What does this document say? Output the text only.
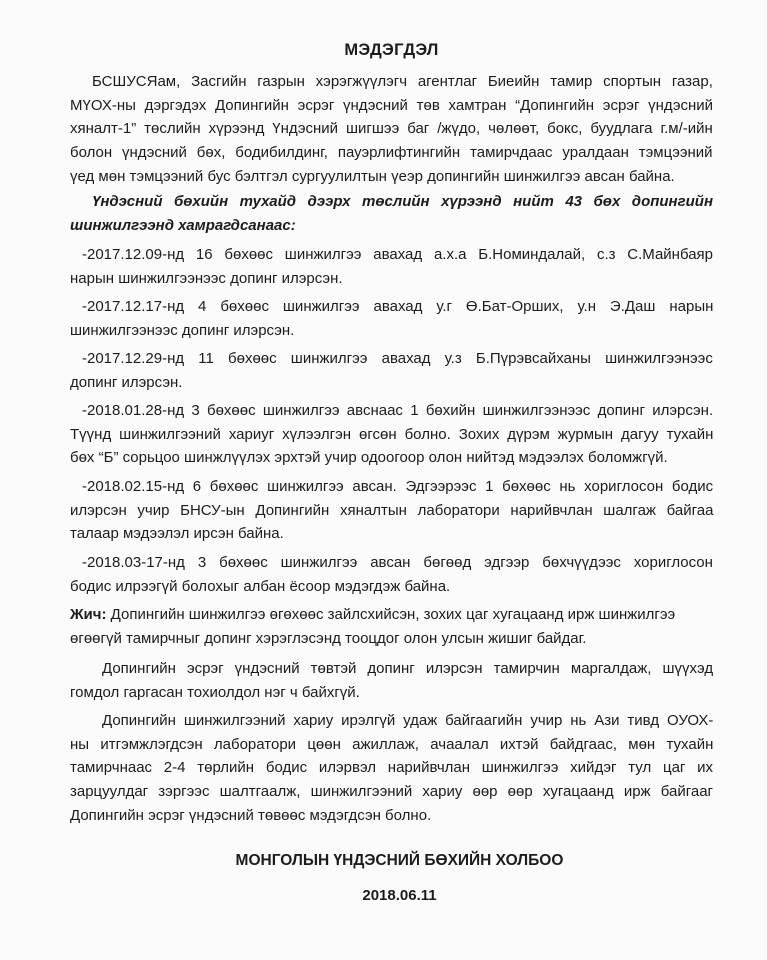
МЭДЭГДЭЛ
БСШУСЯам, Засгийн газрын хэрэгжүүлэгч агентлаг Биеийн тамир спортын газар,
МҮОХ-ны дэргэдэх Допингийн эсрэг үндэсний төв хамтран “Допингийн эсрэг үндэсний
хяналт-1” төслийн хүрээнд Үндэсний шигшээ баг /жүдо, чөлөөт, бокс, буудлага г.м/-ийн
болон үндэсний бөх, бодибилдинг, пауэрлифтингийн тамирчдаас уралдаан тэмцээний
үед мөн тэмцээний бус бэлтгэл сургуулилтын үеэр допингийн шинжилгээ авсан байна.
Үндэсний бөхийн тухайд дээрх төслийн хүрээнд нийт 43 бөх допингийн
шинжилгээнд хамрагдсанаас:
-2017.12.09-нд 16 бөхөөс шинжилгээ авахад а.х.а Б.Номиндалай, с.з С.Майнбаяр
нарын шинжилгээнээс допинг илэрсэн.
-2017.12.17-нд 4 бөхөөс шинжилгээ авахад у.г Ө.Бат-Орших, у.н Э.Даш нарын
шинжилгээнээс допинг илэрсэн.
-2017.12.29-нд 11 бөхөөс шинжилгээ авахад у.з Б.Пүрэвсайханы шинжилгээнээс
допинг илэрсэн.
-2018.01.28-нд 3 бөхөөс шинжилгээ авснаас 1 бөхийн шинжилгээнээс допинг илэрсэн.
Түүнд шинжилгээний хариуг хүлээлгэн өгсөн болно. Зохих дүрэм журмын дагуу тухайн
бөх “Б” сорьцоо шинжлүүлэх эрхтэй учир одоогоор олон нийтэд мэдээлэх боломжгүй.
-2018.02.15-нд 6 бөхөөс шинжилгээ авсан. Эдгээрээс 1 бөхөөс нь хориглосон бодис
илэрсэн учир БНСУ-ын Допингийн хяналтын лаборатори нарийвчлан шалгаж байгаа
талаар мэдээлэл ирсэн байна.
-2018.03-17-нд 3 бөхөөс шинжилгээ авсан бөгөөд эдгээр бөхчүүдээс хориглосон
бодис илрээгүй болохыг албан ёсоор мэдэгдэж байна.
Жич: Допингийн шинжилгээ өгөхөөс зайлсхийсэн, зохих цаг хугацаанд ирж шинжилгээ
өгөөгүй тамирчныг допинг хэрэглэсэнд тооцдог олон улсын жишиг байдаг.
Допингийн эсрэг үндэсний төвтэй допинг илэрсэн тамирчин маргалдаж, шүүхэд
гомдол гаргасан тохиолдол нэг ч байхгүй.
Допингийн шинжилгээний хариу ирэлгүй удаж байгаагийн учир нь Ази тивд ОУОХ-
ны итгэмжлэгдсэн лаборатори цөөн ажиллаж, ачаалал ихтэй байдгаас, мөн тухайн
тамирчнаас 2-4 төрлийн бодис илэрвэл нарийвчлан шинжилгээ хийдэг тул цаг их
зарцуулдаг зэргээс шалтгаалж, шинжилгээний хариу өөр өөр хугацаанд ирж байгааг
Допингийн эсрэг үндэсний төвөөс мэдэгдсэн болно.

МОНГОЛЫН ҮНДЭСНИЙ БӨХИЙН ХОЛБОО

2018.06.11
